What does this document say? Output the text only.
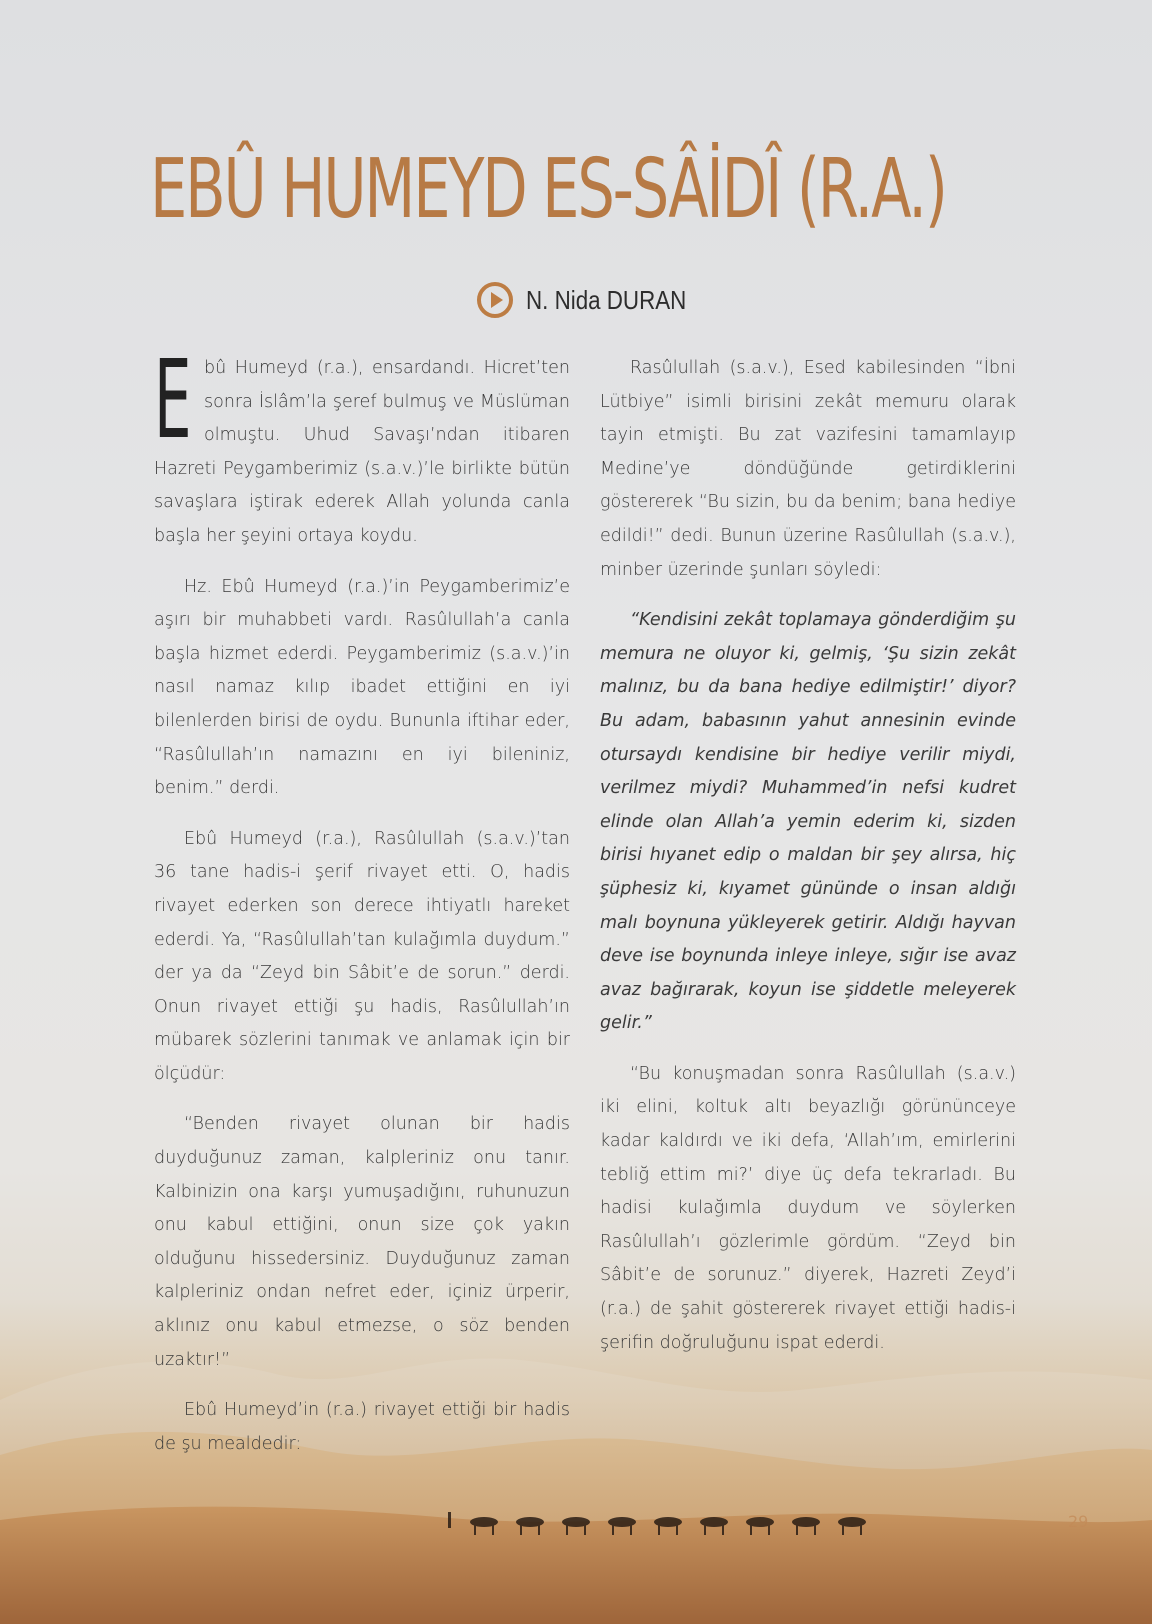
EBÛ HUMEYD ES-SÂİDÎ (R.A.)
N. Nida DURAN

Ebû Humeyd (r.a.), ensardandı. Hicret’ten sonra İslâm’la şeref bulmuş ve Müslüman olmuştu. Uhud Savaşı’ndan itibaren Hazreti Peygamberimiz (s.a.v.)’le birlikte bütün savaşlara iştirak ederek Allah yolunda canla başla her şeyini ortaya koydu.

Hz. Ebû Humeyd (r.a.)’in Peygamberimiz’e aşırı bir muhabbeti vardı. Rasûlullah’a canla başla hizmet ederdi. Peygamberimiz (s.a.v.)’in nasıl namaz kılıp ibadet ettiğini en iyi bilenlerden birisi de oydu. Bununla iftihar eder, “Rasûlullah’ın namazını en iyi bileniniz, benim.” derdi.

Ebû Humeyd (r.a.), Rasûlullah (s.a.v.)’tan 36 tane hadis-i şerif rivayet etti. O, hadis rivayet ederken son derece ihtiyatlı hareket ederdi. Ya, “Rasûlullah’tan kulağımla duydum.” der ya da “Zeyd bin Sâbit’e de sorun.” derdi. Onun rivayet ettiği şu hadis, Rasûlullah’ın mübarek sözlerini tanımak ve anlamak için bir ölçüdür:

“Benden rivayet olunan bir hadis duyduğunuz zaman, kalpleriniz onu tanır. Kalbinizin ona karşı yumuşadığını, ruhunuzun onu kabul ettiğini, onun size çok yakın olduğunu hissedersiniz. Duyduğunuz zaman kalpleriniz ondan nefret eder, içiniz ürperir, aklınız onu kabul etmezse, o söz benden uzaktır!”

Ebû Humeyd’in (r.a.) rivayet ettiği bir hadis de şu mealdedir:

Rasûlullah (s.a.v.), Esed kabilesinden “İbni Lütbiye” isimli birisini zekât memuru olarak tayin etmişti. Bu zat vazifesini tamamlayıp Medine’ye döndüğünde getirdiklerini göstererek “Bu sizin, bu da benim; bana hediye edildi!” dedi. Bunun üzerine Rasûlullah (s.a.v.), minber üzerinde şunları söyledi:

“Kendisini zekât toplamaya gönderdiğim şu memura ne oluyor ki, gelmiş, ‘Şu sizin zekât malınız, bu da bana hediye edilmiştir!’ diyor? Bu adam, babasının yahut annesinin evinde otursaydı kendisine bir hediye verilir miydi, verilmez miydi? Muhammed’in nefsi kudret elinde olan Allah’a yemin ederim ki, sizden birisi hıyanet edip o maldan bir şey alırsa, hiç şüphesiz ki, kıyamet gününde o insan aldığı malı boynuna yükleyerek getirir. Aldığı hayvan deve ise boynunda inleye inleye, sığır ise avaz avaz bağırarak, koyun ise şiddetle meleyerek gelir.”

“Bu konuşmadan sonra Rasûlullah (s.a.v.) iki elini, koltuk altı beyazlığı görününceye kadar kaldırdı ve iki defa, ‘Allah’ım, emirlerini tebliğ ettim mi?’ diye üç defa tekrarladı. Bu hadisi kulağımla duydum ve söylerken Rasûlullah’ı gözlerimle gördüm. “Zeyd bin Sâbit’e de sorunuz.” diyerek, Hazreti Zeyd’i (r.a.) de şahit göstererek rivayet ettiği hadis-i şerifin doğruluğunu ispat ederdi.

29
